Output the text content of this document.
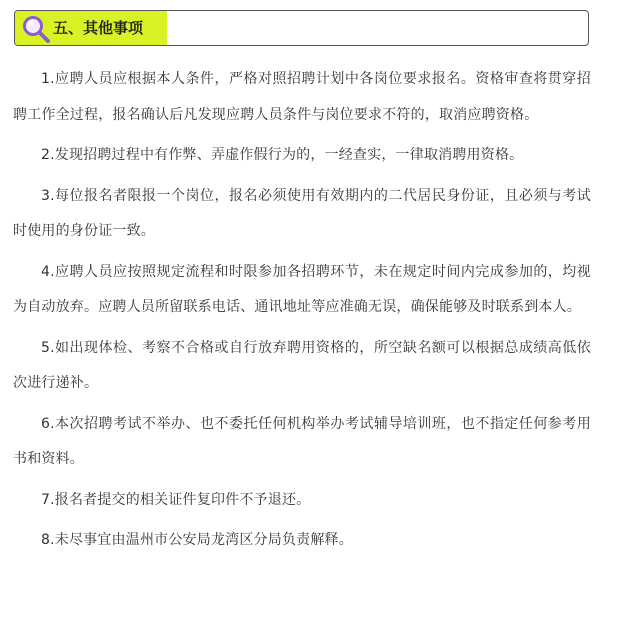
五、其他事项

1.应聘人员应根据本人条件，严格对照招聘计划中各岗位要求报名。资格审查将贯穿招聘工作全过程，报名确认后凡发现应聘人员条件与岗位要求不符的，取消应聘资格。

2.发现招聘过程中有作弊、弄虚作假行为的，一经查实，一律取消聘用资格。

3.每位报名者限报一个岗位，报名必须使用有效期内的二代居民身份证，且必须与考试时使用的身份证一致。

4.应聘人员应按照规定流程和时限参加各招聘环节，未在规定时间内完成参加的，均视为自动放弃。应聘人员所留联系电话、通讯地址等应准确无误，确保能够及时联系到本人。

5.如出现体检、考察不合格或自行放弃聘用资格的，所空缺名额可以根据总成绩高低依次进行递补。

6.本次招聘考试不举办、也不委托任何机构举办考试辅导培训班，也不指定任何参考用书和资料。

7.报名者提交的相关证件复印件不予退还。

8.未尽事宜由温州市公安局龙湾区分局负责解释。
